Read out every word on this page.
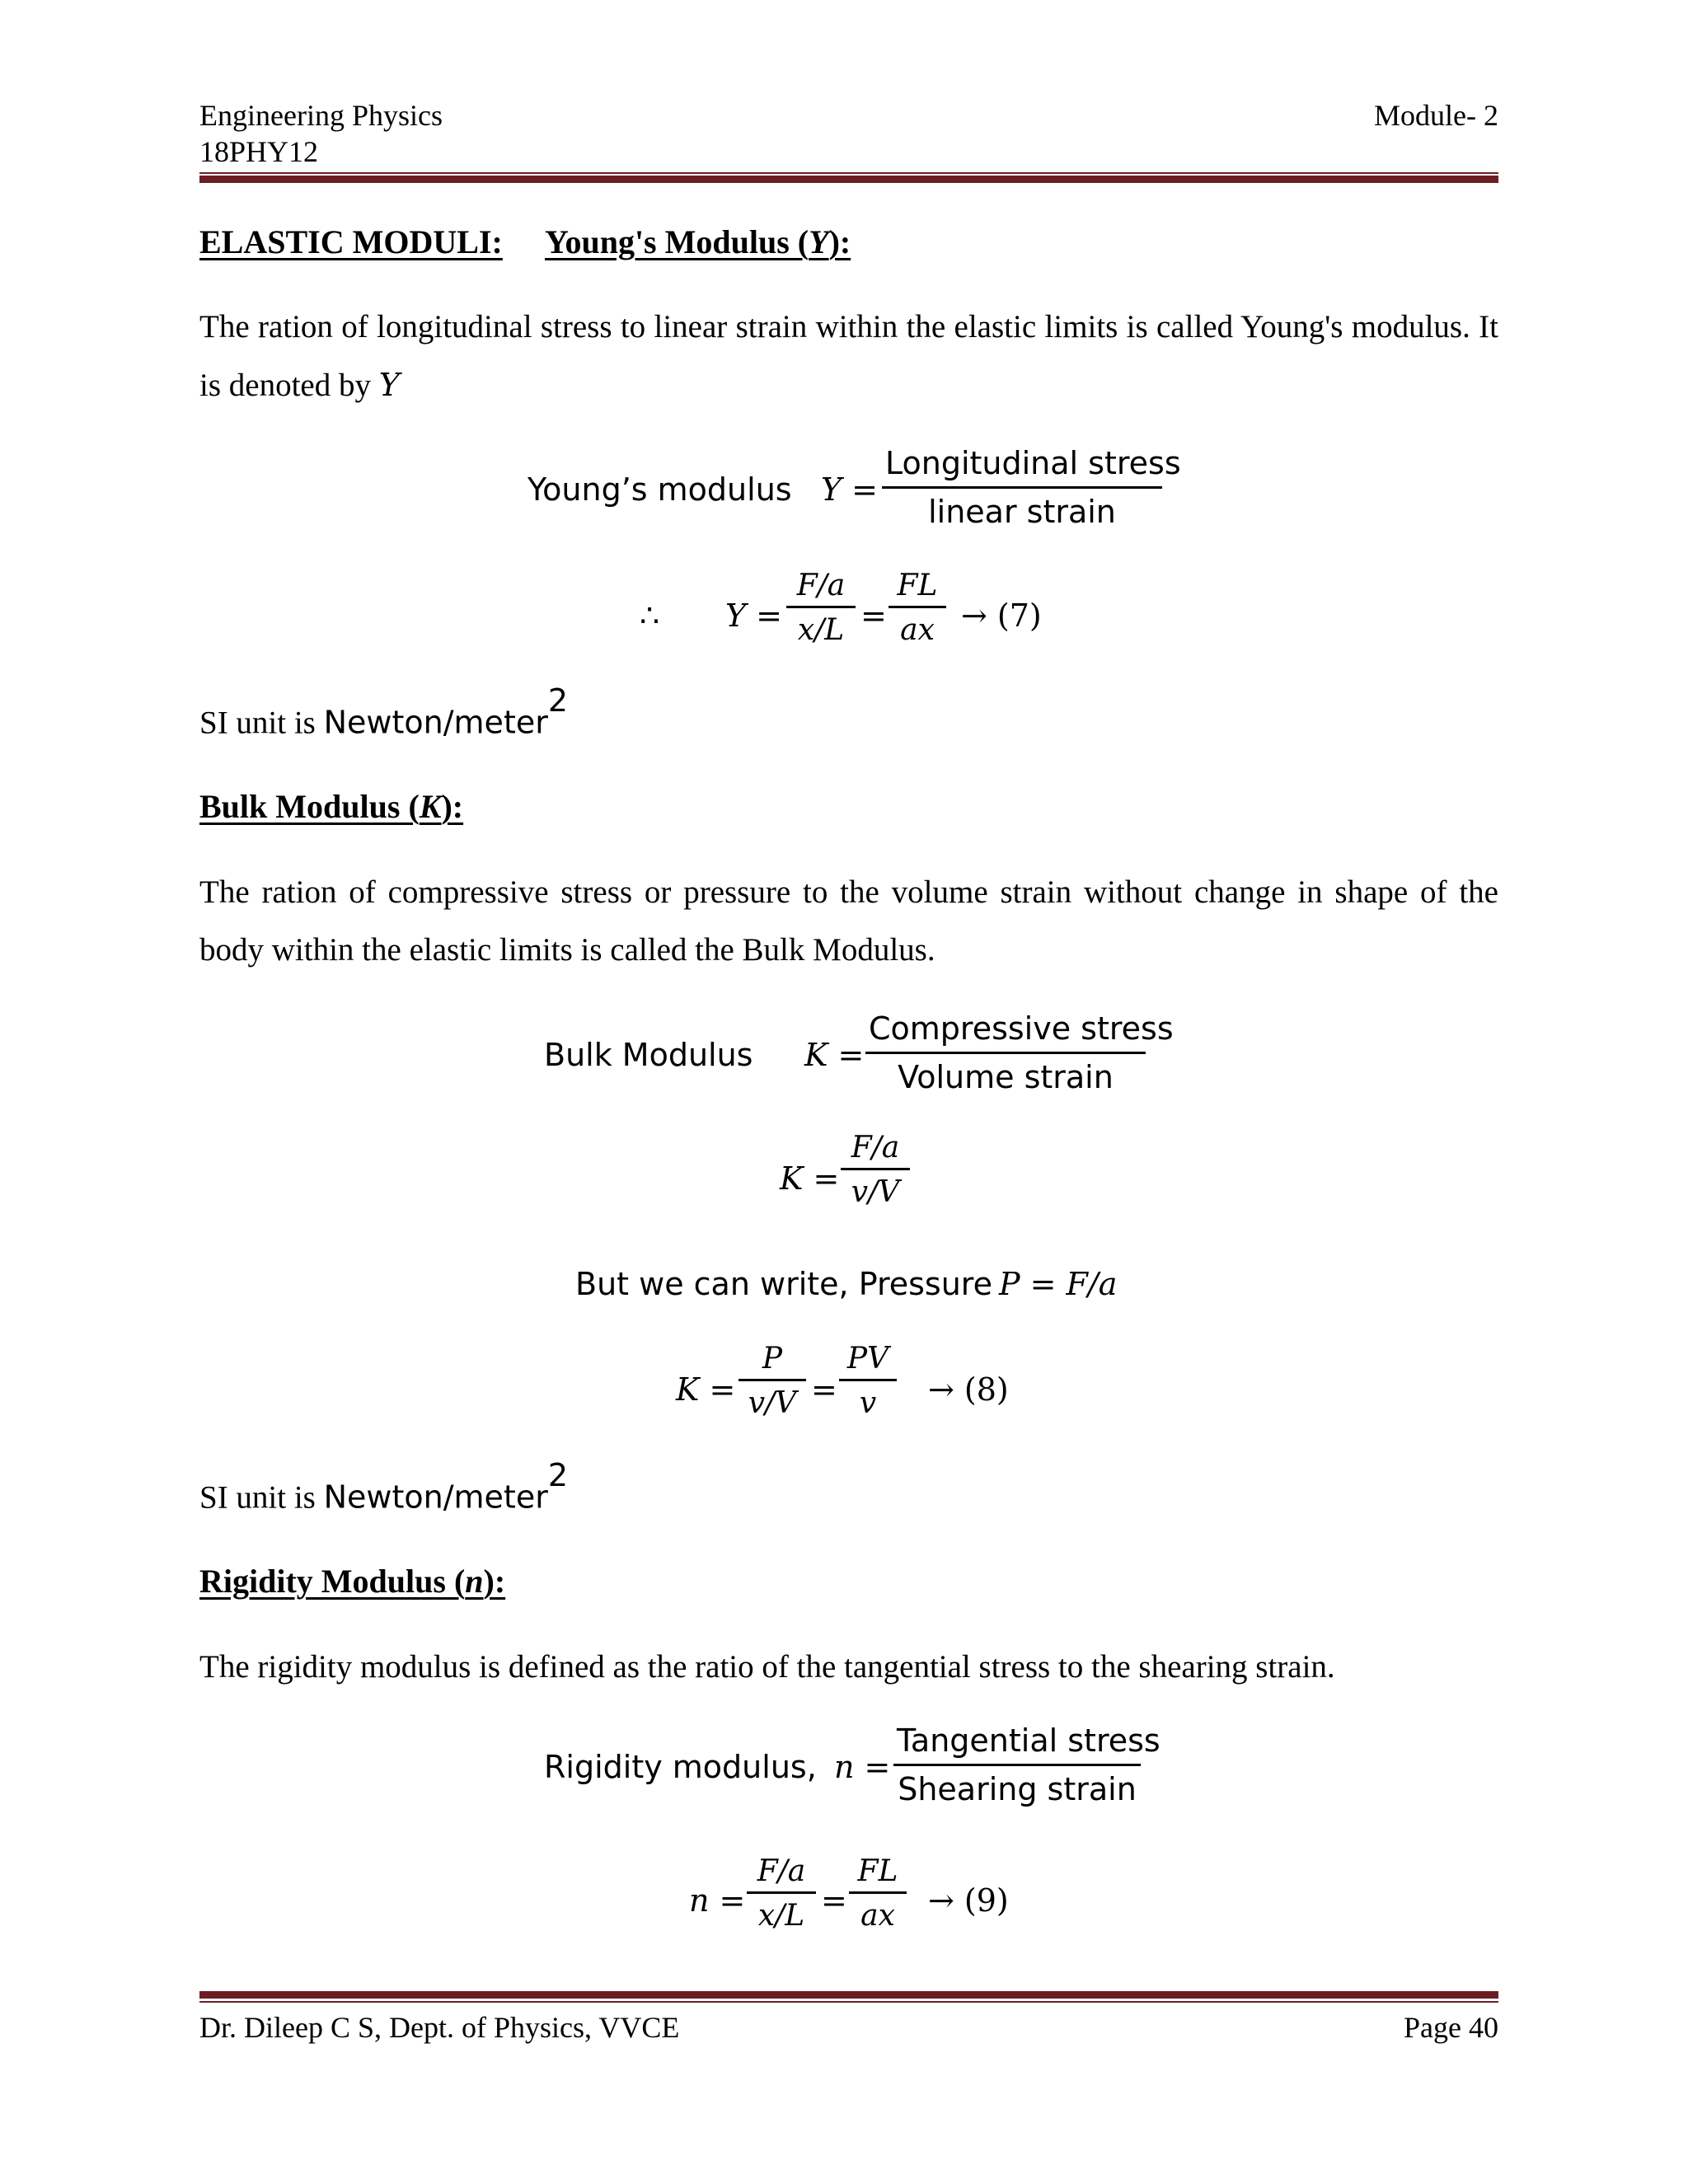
Engineering Physics
18PHY12
Module- 2
ELASTIC MODULI: Young's Modulus (Y):
The ration of longitudinal stress to linear strain within the elastic limits is called Young's modulus. It is denoted by Y
Young’s modulus Y =
Longitudinal stress
linear strain
∴ Y =
F/a
x/L =
FL
ax → (7)
SI unit is Newton/meter$^2$
Bulk Modulus (K):
The ration of compressive stress or pressure to the volume strain without change in shape of the body within the elastic limits is called the Bulk Modulus.
Bulk Modulus K =
Compressive stress
Volume strain
K =
F/a
v/V
But we can write, Pressure P = F/a
K =
P
v/V =
PV
v	→ (8)
SI unit is Newton/meter$^2$
Rigidity Modulus (n):
The rigidity modulus is defined as the ratio of the tangential stress to the shearing strain.
Rigidity modulus, n =
Tangential stress
Shearing strain
n =
F/a
x/L =
FL
ax	→ (9)
Dr. Dileep C S, Dept. of Physics, VVCE	Page 40
